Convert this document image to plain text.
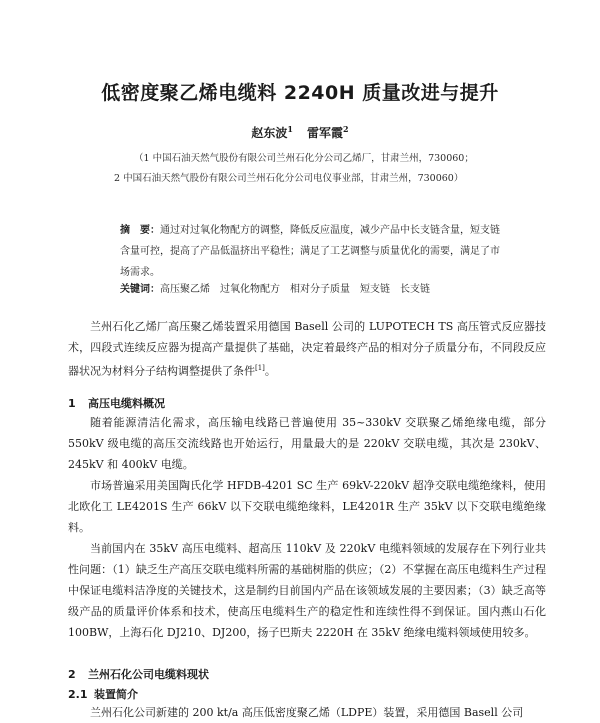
低密度聚乙烯电缆料 2240H 质量改进与提升
赵东波$^1$ 雷军霞$^2$
（1 中国石油天然气股份有限公司兰州石化分公司乙烯厂，甘肃兰州，730060；
2 中国石油天然气股份有限公司兰州石化分公司电仪事业部，甘肃兰州，730060）
摘　要：通过对过氧化物配方的调整，降低反应温度，减少产品中长支链含量，短支链含量可控，提高了产品低温挤出平稳性；满足了工艺调整与质量优化的需要，满足了市场需求。
关键词：高压聚乙烯　过氧化物配方　相对分子质量　短支链　长支链
兰州石化乙烯厂高压聚乙烯装置采用德国 Basell 公司的 LUPOTECH TS 高压管式反应器技术，四段式连续反应器为提高产量提供了基础，决定着最终产品的相对分子质量分布，不同段反应器状况为材料分子结构调整提供了条件[1]。
1 高压电缆料概况
随着能源清洁化需求，高压输电线路已普遍使用 35~330kV 交联聚乙烯绝缘电缆，部分 550kV 级电缆的高压交流线路也开始运行，用量最大的是 220kV 交联电缆，其次是 230kV、245kV 和 400kV 电缆。
市场普遍采用美国陶氏化学 HFDB-4201 SC 生产 69kV-220kV 超净交联电缆绝缘料，使用北欧化工 LE4201S 生产 66kV 以下交联电缆绝缘料，LE4201R 生产 35kV 以下交联电缆绝缘料。
当前国内在 35kV 高压电缆料、超高压 110kV 及 220kV 电缆料领域的发展存在下列行业共性问题：（1）缺乏生产高压交联电缆料所需的基础树脂的供应；（2）不掌握在高压电缆料生产过程中保证电缆料洁净度的关键技术，这是制约目前国内产品在该领域发展的主要因素；（3）缺乏高等级产品的质量评价体系和技术，使高压电缆料生产的稳定性和连续性得不到保证。国内燕山石化 100BW，上海石化 DJ210、DJ200，扬子巴斯夫 2220H 在 35kV 绝缘电缆料领域使用较多。
2 兰州石化公司电缆料现状
2.1 装置简介
兰州石化公司新建的 200 kt/a 高压低密度聚乙烯（LDPE）装置，采用德国 Basell 公司
